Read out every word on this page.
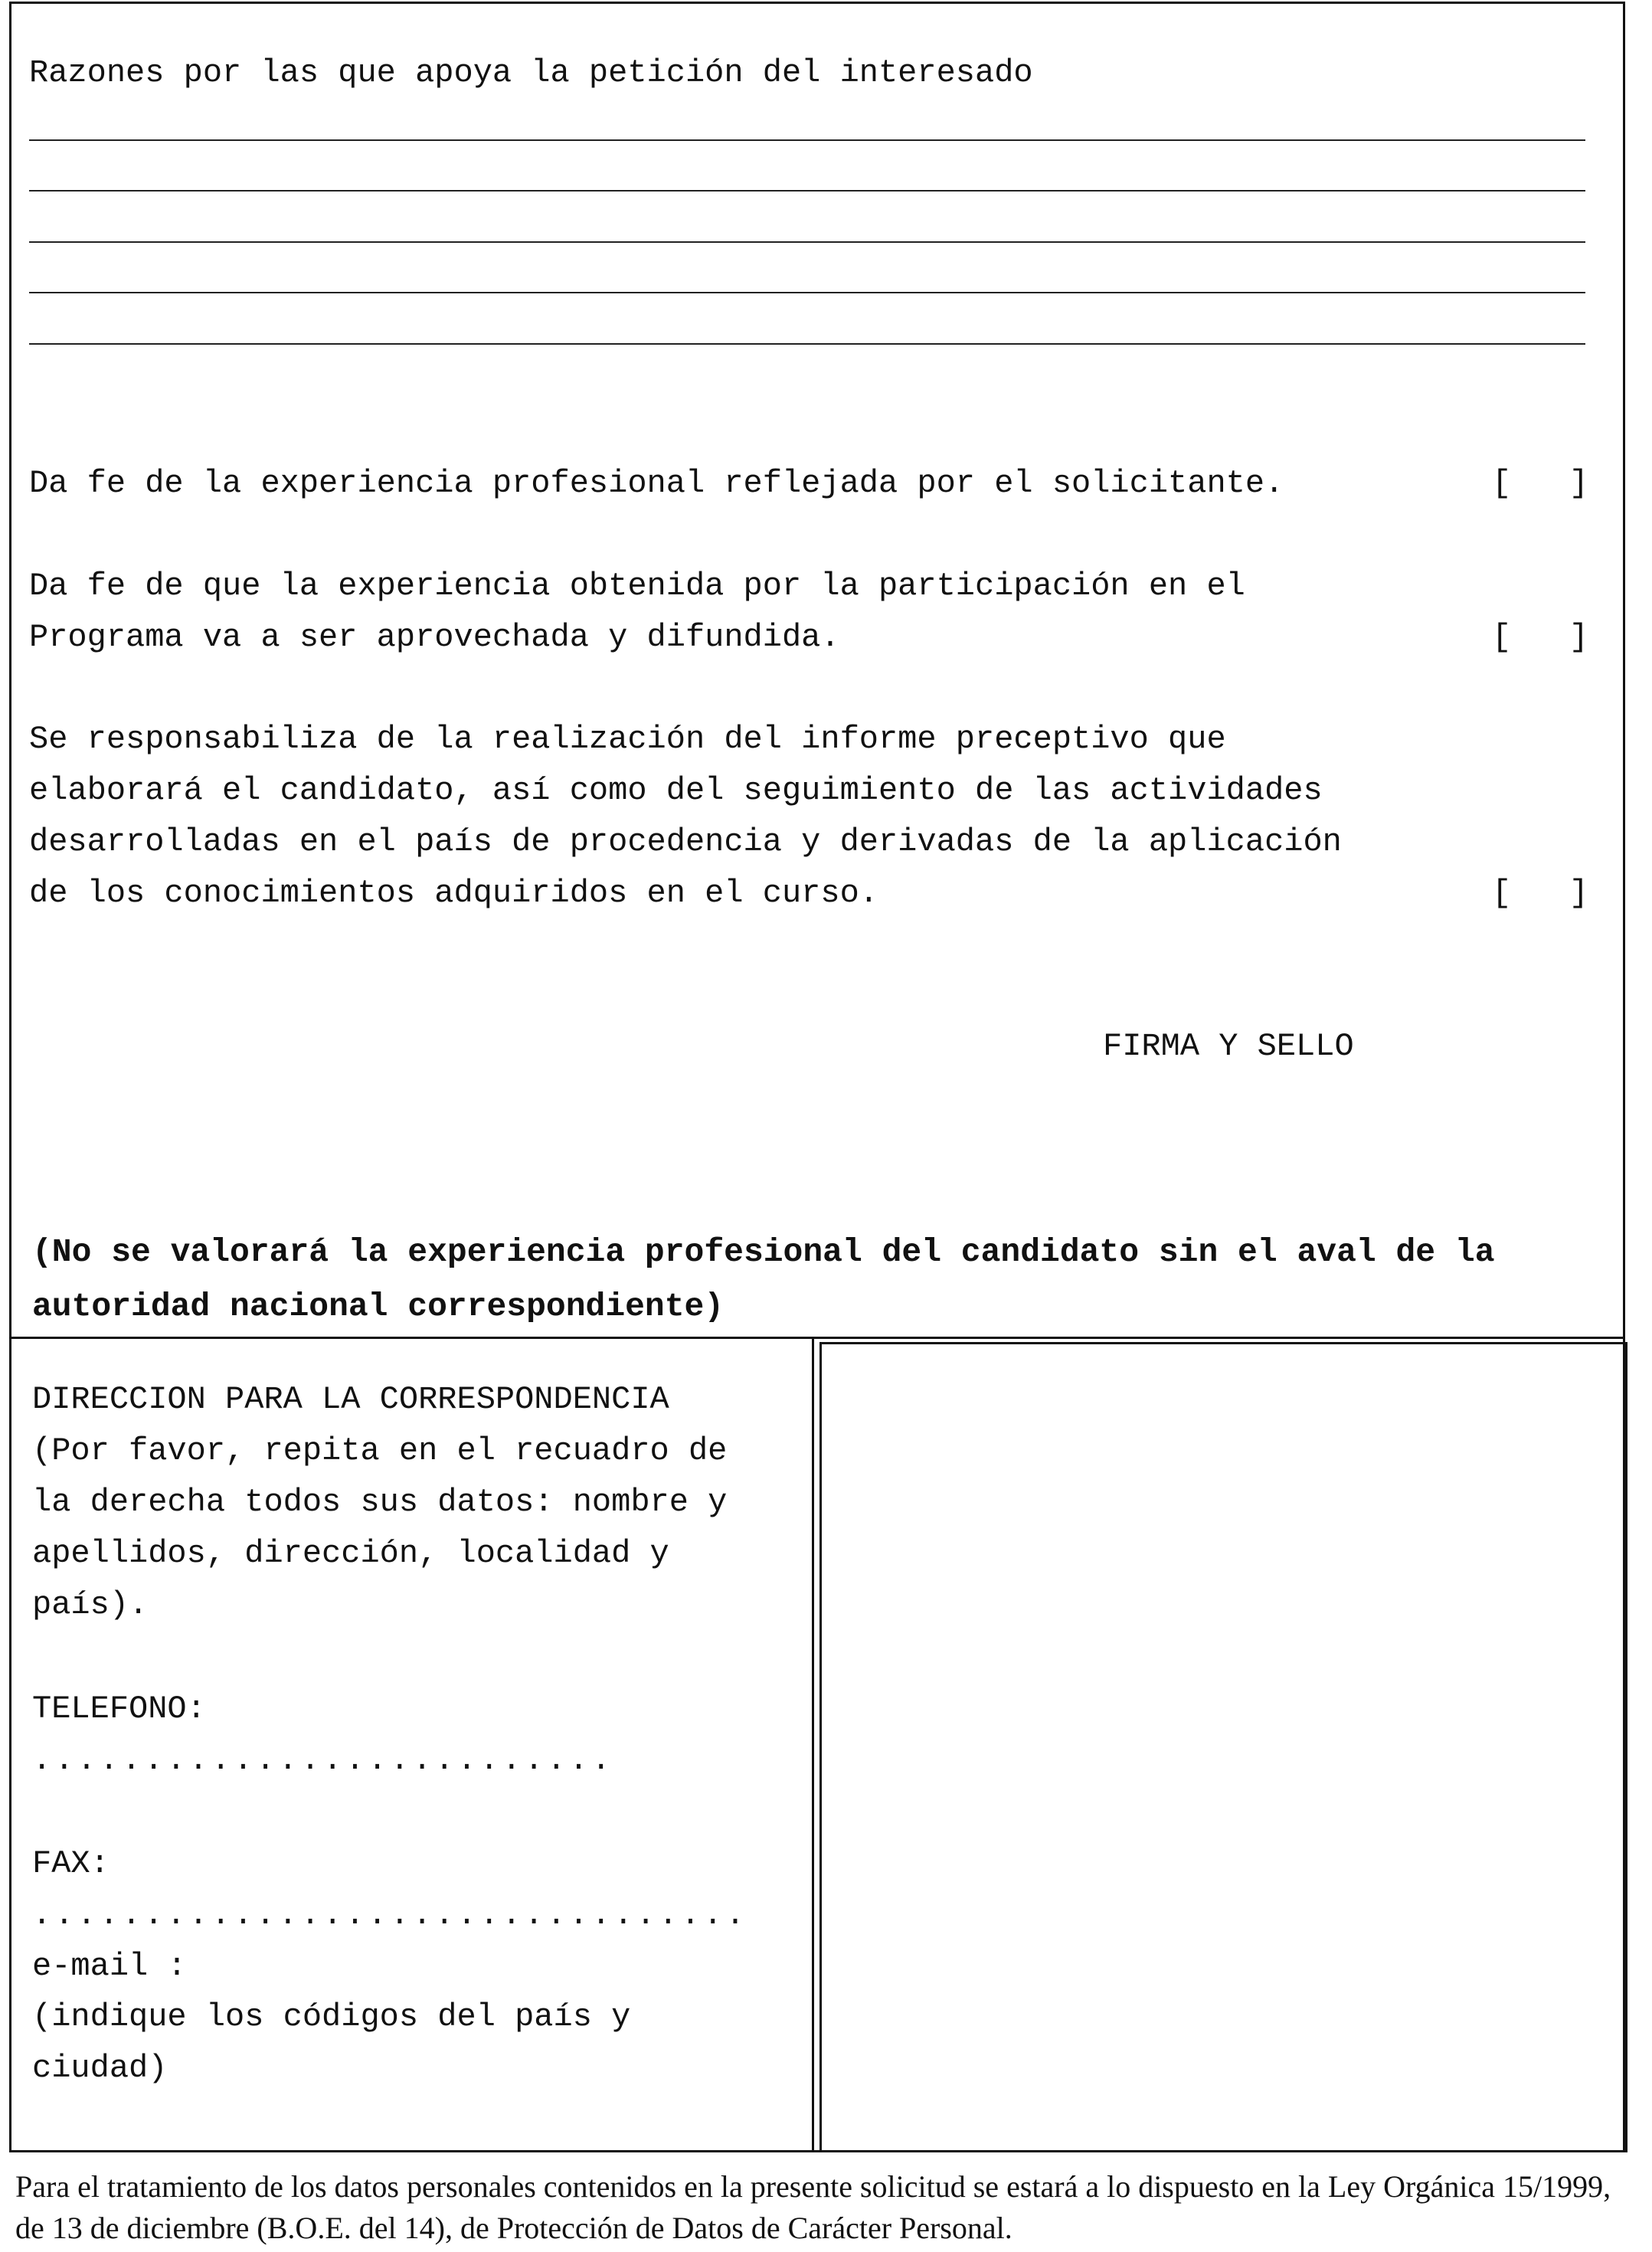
Razones por las que apoya la petición del interesado
Da fe de la experiencia profesional reflejada por el solicitante.	[   ]
Da fe de que la experiencia obtenida por la participación en el
Programa va a ser aprovechada y difundida.	[   ]
Se responsabiliza de la realización del informe preceptivo que
elaborará el candidato, así como del seguimiento de las actividades
desarrolladas en el país de procedencia y derivadas de la aplicación
de los conocimientos adquiridos en el curso.	[   ]
FIRMA Y SELLO
(No se valorará la experiencia profesional del candidato sin el aval de la
autoridad nacional correspondiente)
DIRECCION PARA LA CORRESPONDENCIA
(Por favor, repita en el recuadro de
la derecha todos sus datos: nombre y
apellidos, dirección, localidad y
país).
TELEFONO:
..........................
FAX:
................................
e-mail :
(indique los códigos del país y
ciudad)
Para el tratamiento de los datos personales contenidos en la presente solicitud se estará a lo dispuesto en la Ley Orgánica 15/1999, de 13 de diciembre (B.O.E. del 14), de Protección de Datos de Carácter Personal.
